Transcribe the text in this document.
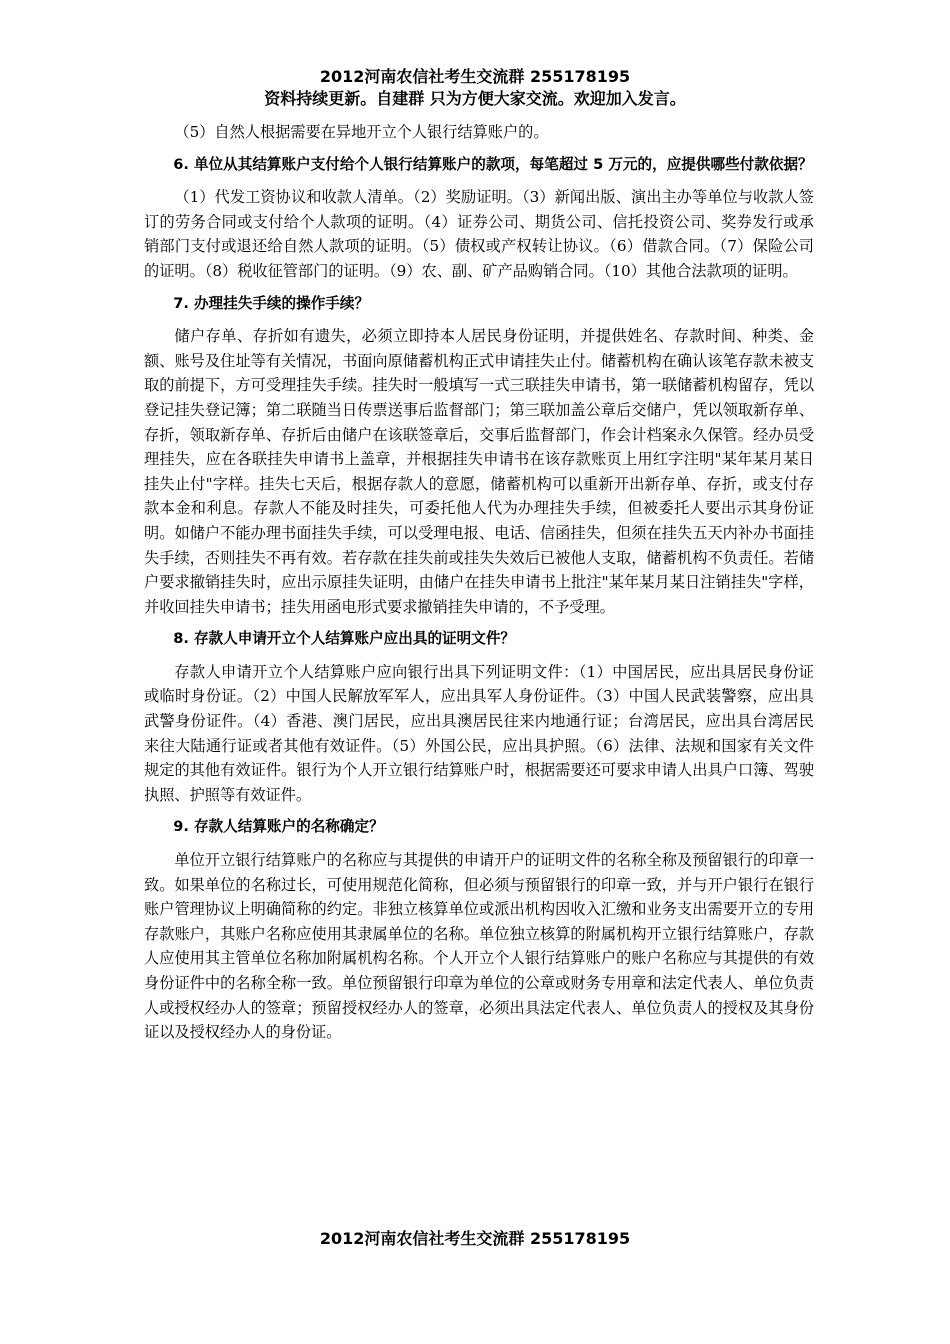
2012河南农信社考生交流群 255178195
资料持续更新。自建群 只为方便大家交流。欢迎加入发言。

（5）自然人根据需要在异地开立个人银行结算账户的。

6. 单位从其结算账户支付给个人银行结算账户的款项，每笔超过 5 万元的，应提供哪些付款依据？

（1）代发工资协议和收款人清单。（2）奖励证明。（3）新闻出版、演出主办等单位与收款人签订的劳务合同或支付给个人款项的证明。（4）证券公司、期货公司、信托投资公司、奖券发行或承销部门支付或退还给自然人款项的证明。（5）债权或产权转让协议。（6）借款合同。（7）保险公司的证明。（8）税收征管部门的证明。（9）农、副、矿产品购销合同。（10）其他合法款项的证明。

7. 办理挂失手续的操作手续？

储户存单、存折如有遗失，必须立即持本人居民身份证明，并提供姓名、存款时间、种类、金额、账号及住址等有关情况，书面向原储蓄机构正式申请挂失止付。储蓄机构在确认该笔存款未被支取的前提下，方可受理挂失手续。挂失时一般填写一式三联挂失申请书，第一联储蓄机构留存，凭以登记挂失登记簿；第二联随当日传票送事后监督部门；第三联加盖公章后交储户，凭以领取新存单、存折，领取新存单、存折后由储户在该联签章后，交事后监督部门，作会计档案永久保管。经办员受理挂失，应在各联挂失申请书上盖章，并根据挂失申请书在该存款账页上用红字注明"某年某月某日挂失止付"字样。挂失七天后，根据存款人的意愿，储蓄机构可以重新开出新存单、存折，或支付存款本金和利息。存款人不能及时挂失，可委托他人代为办理挂失手续，但被委托人要出示其身份证明。如储户不能办理书面挂失手续，可以受理电报、电话、信函挂失，但须在挂失五天内补办书面挂失手续，否则挂失不再有效。若存款在挂失前或挂失失效后已被他人支取，储蓄机构不负责任。若储户要求撤销挂失时，应出示原挂失证明，由储户在挂失申请书上批注"某年某月某日注销挂失"字样，并收回挂失申请书；挂失用函电形式要求撤销挂失申请的，不予受理。

8. 存款人申请开立个人结算账户应出具的证明文件？

存款人申请开立个人结算账户应向银行出具下列证明文件：（1）中国居民，应出具居民身份证或临时身份证。（2）中国人民解放军军人，应出具军人身份证件。（3）中国人民武装警察，应出具武警身份证件。（4）香港、澳门居民，应出具澳居民往来内地通行证；台湾居民，应出具台湾居民来往大陆通行证或者其他有效证件。（5）外国公民，应出具护照。（6）法律、法规和国家有关文件规定的其他有效证件。银行为个人开立银行结算账户时，根据需要还可要求申请人出具户口簿、驾驶执照、护照等有效证件。

9. 存款人结算账户的名称确定？

单位开立银行结算账户的名称应与其提供的申请开户的证明文件的名称全称及预留银行的印章一致。如果单位的名称过长，可使用规范化简称，但必须与预留银行的印章一致，并与开户银行在银行账户管理协议上明确简称的约定。非独立核算单位或派出机构因收入汇缴和业务支出需要开立的专用存款账户，其账户名称应使用其隶属单位的名称。单位独立核算的附属机构开立银行结算账户，存款人应使用其主管单位名称加附属机构名称。个人开立个人银行结算账户的账户名称应与其提供的有效身份证件中的名称全称一致。单位预留银行印章为单位的公章或财务专用章和法定代表人、单位负责人或授权经办人的签章；预留授权经办人的签章，必须出具法定代表人、单位负责人的授权及其身份证以及授权经办人的身份证。

2012河南农信社考生交流群 255178195
